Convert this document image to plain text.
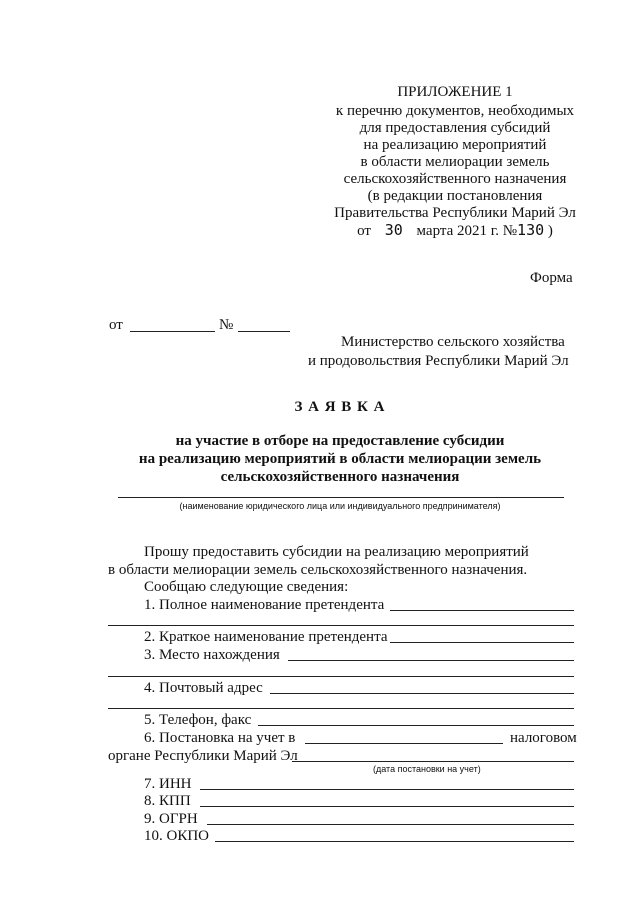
ПРИЛОЖЕНИЕ 1
к перечню документов, необходимых
для предоставления субсидий
на реализацию мероприятий
в области мелиорации земель
сельскохозяйственного назначения
(в редакции постановления
Правительства Республики Марий Эл
от 30 марта 2021 г. №130 )
Форма
от	№
Министерство сельского хозяйства
и продовольствия Республики Марий Эл
З А Я В К А
на участие в отборе на предоставление субсидии
на реализацию мероприятий в области мелиорации земель
сельскохозяйственного назначения
(наименование юридического лица или индивидуального предпринимателя)
Прошу предоставить субсидии на реализацию мероприятий
в области мелиорации земель сельскохозяйственного назначения.
Сообщаю следующие сведения:
1. Полное наименование претендента
2. Краткое наименование претендента
3. Место нахождения
4. Почтовый адрес
5. Телефон, факс
6. Постановка на учет в	налоговом
органе Республики Марий Эл
(дата постановки на учет)
7. ИНН
8. КПП
9. ОГРН
10. ОКПО
